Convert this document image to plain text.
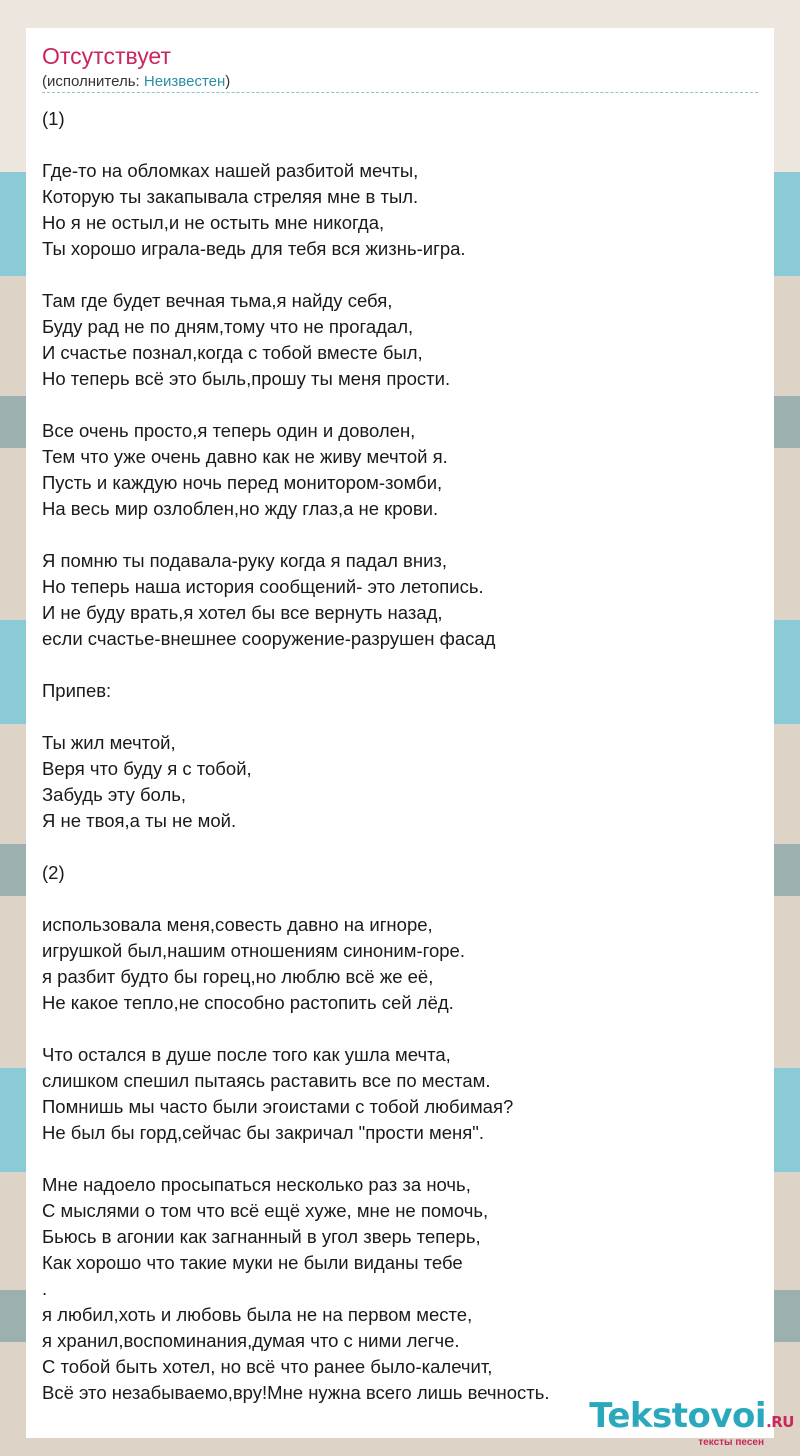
Отсутствует
(исполнитель: Неизвестен)
(1)
Где-то на обломках нашей разбитой мечты,
Которую ты закапывала стреляя мне в тыл.
Но я не остыл,и не остыть мне никогда,
Ты хорошо играла-ведь для тебя вся жизнь-игра.
Там где будет вечная тьма,я найду себя,
Буду рад не по дням,тому что не прогадал,
И счастье познал,когда с тобой вместе был,
Но теперь всё это быль,прошу ты меня прости.
Все очень просто,я теперь один и доволен,
Тем что уже очень давно как не живу мечтой я.
Пусть и каждую ночь перед монитором-зомби,
На весь мир озлоблен,но жду глаз,а не крови.
Я помню ты подавала-руку когда я падал вниз,
Но теперь наша история сообщений- это летопись.
И не буду врать,я хотел бы все вернуть назад,
если счастье-внешнее сооружение-разрушен фасад
Припев:
Ты жил мечтой,
Веря что буду я с тобой,
Забудь эту боль,
Я не твоя,а ты не мой.
(2)
использовала меня,совесть давно на игноре,
игрушкой был,нашим отношениям синоним-горе.
я разбит будто бы горец,но люблю всё же её,
Не какое тепло,не способно растопить сей лёд.
Что остался в душе после того как ушла мечта,
слишком спешил пытаясь раставить все по местам.
Помнишь мы часто были эгоистами с тобой любимая?
Не был бы горд,сейчас бы закричал "прости меня".
Мне надоело просыпаться несколько раз за ночь,
С мыслями о том что всё ещё хуже, мне не помочь,
Бьюсь в агонии как загнанный в угол зверь теперь,
Как хорошо что такие муки не были виданы тебе
.
я любил,хоть и любовь была не на первом месте,
я хранил,воспоминания,думая что с ними легче.
С тобой быть хотел, но всё что ранее было-калечит,
Всё это незабываемо,вру!Мне нужна всего лишь вечность.
Tekstovoi.RU
тексты песен
